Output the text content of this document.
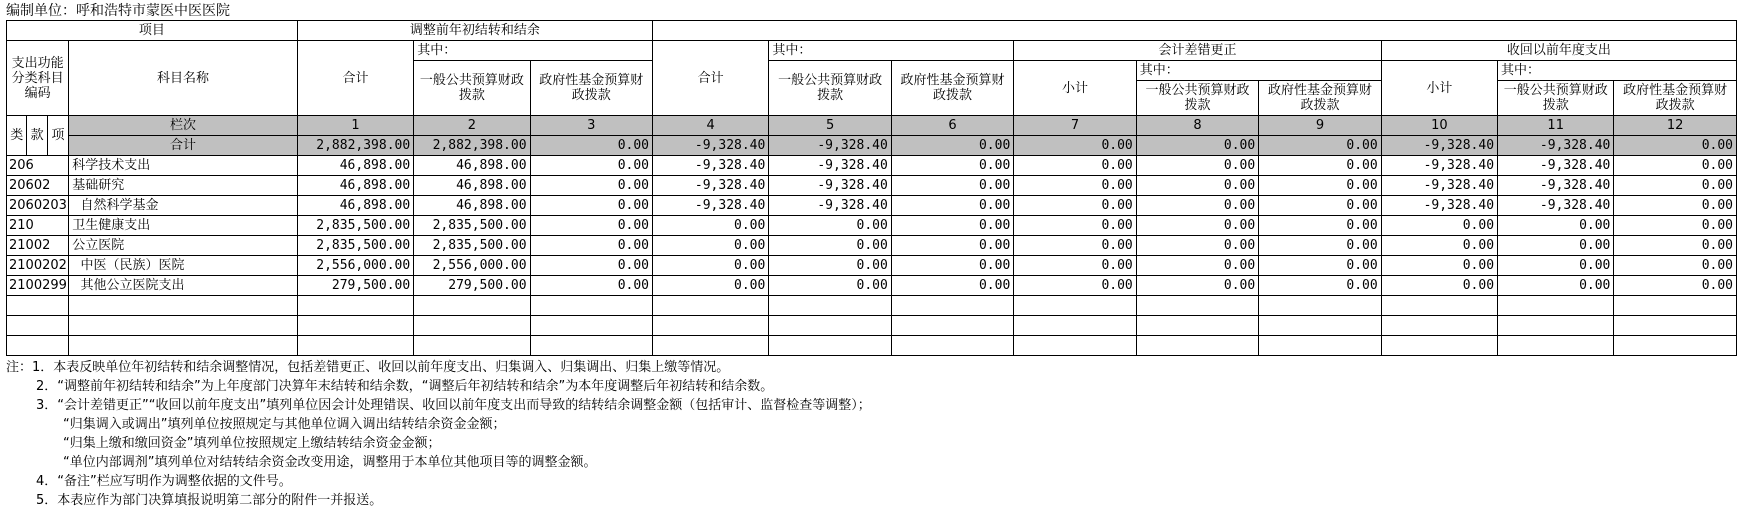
编制单位：呼和浩特市蒙医中医医院
项目				调整前年初结转和结余											
支出功能分类科目编码			科目名称	合计	其中：		合计	其中：		会计差错更正			收回以前年度支出		
					一般公共预算财政拨款	政府性基金预算财政拨款		一般公共预算财政拨款	政府性基金预算财政拨款	小计	其中：		小计	其中：	
											一般公共预算财政拨款	政府性基金预算财政拨款		一般公共预算财政拨款	政府性基金预算财政拨款
类	款	项	栏次	1	2	3	4	5	6	7	8	9	10	11	12
			合计	2,882,398.00	2,882,398.00	0.00	-9,328.40	-9,328.40	0.00	0.00	0.00	0.00	-9,328.40	-9,328.40	0.00
206			科学技术支出	46,898.00	46,898.00	0.00	-9,328.40	-9,328.40	0.00	0.00	0.00	0.00	-9,328.40	-9,328.40	0.00
20602			基础研究	46,898.00	46,898.00	0.00	-9,328.40	-9,328.40	0.00	0.00	0.00	0.00	-9,328.40	-9,328.40	0.00
2060203			自然科学基金	46,898.00	46,898.00	0.00	-9,328.40	-9,328.40	0.00	0.00	0.00	0.00	-9,328.40	-9,328.40	0.00
210			卫生健康支出	2,835,500.00	2,835,500.00	0.00	0.00	0.00	0.00	0.00	0.00	0.00	0.00	0.00	0.00
21002			公立医院	2,835,500.00	2,835,500.00	0.00	0.00	0.00	0.00	0.00	0.00	0.00	0.00	0.00	0.00
2100202			中医（民族）医院	2,556,000.00	2,556,000.00	0.00	0.00	0.00	0.00	0.00	0.00	0.00	0.00	0.00	0.00
2100299			其他公立医院支出	279,500.00	279,500.00	0.00	0.00	0.00	0.00	0.00	0.00	0.00	0.00	0.00	0.00

注：1．本表反映单位年初结转和结余调整情况，包括差错更正、收回以前年度支出、归集调入、归集调出、归集上缴等情况。
2．“调整前年初结转和结余”为上年度部门决算年末结转和结余数，“调整后年初结转和结余”为本年度调整后年初结转和结余数。
3．“会计差错更正”“收回以前年度支出”填列单位因会计处理错误、收回以前年度支出而导致的结转结余调整金额（包括审计、监督检查等调整）；
“归集调入或调出”填列单位按照规定与其他单位调入调出结转结余资金金额；
“归集上缴和缴回资金”填列单位按照规定上缴结转结余资金金额；
“单位内部调剂”填列单位对结转结余资金改变用途，调整用于本单位其他项目等的调整金额。
4．“备注”栏应写明作为调整依据的文件号。
5．本表应作为部门决算填报说明第二部分的附件一并报送。
